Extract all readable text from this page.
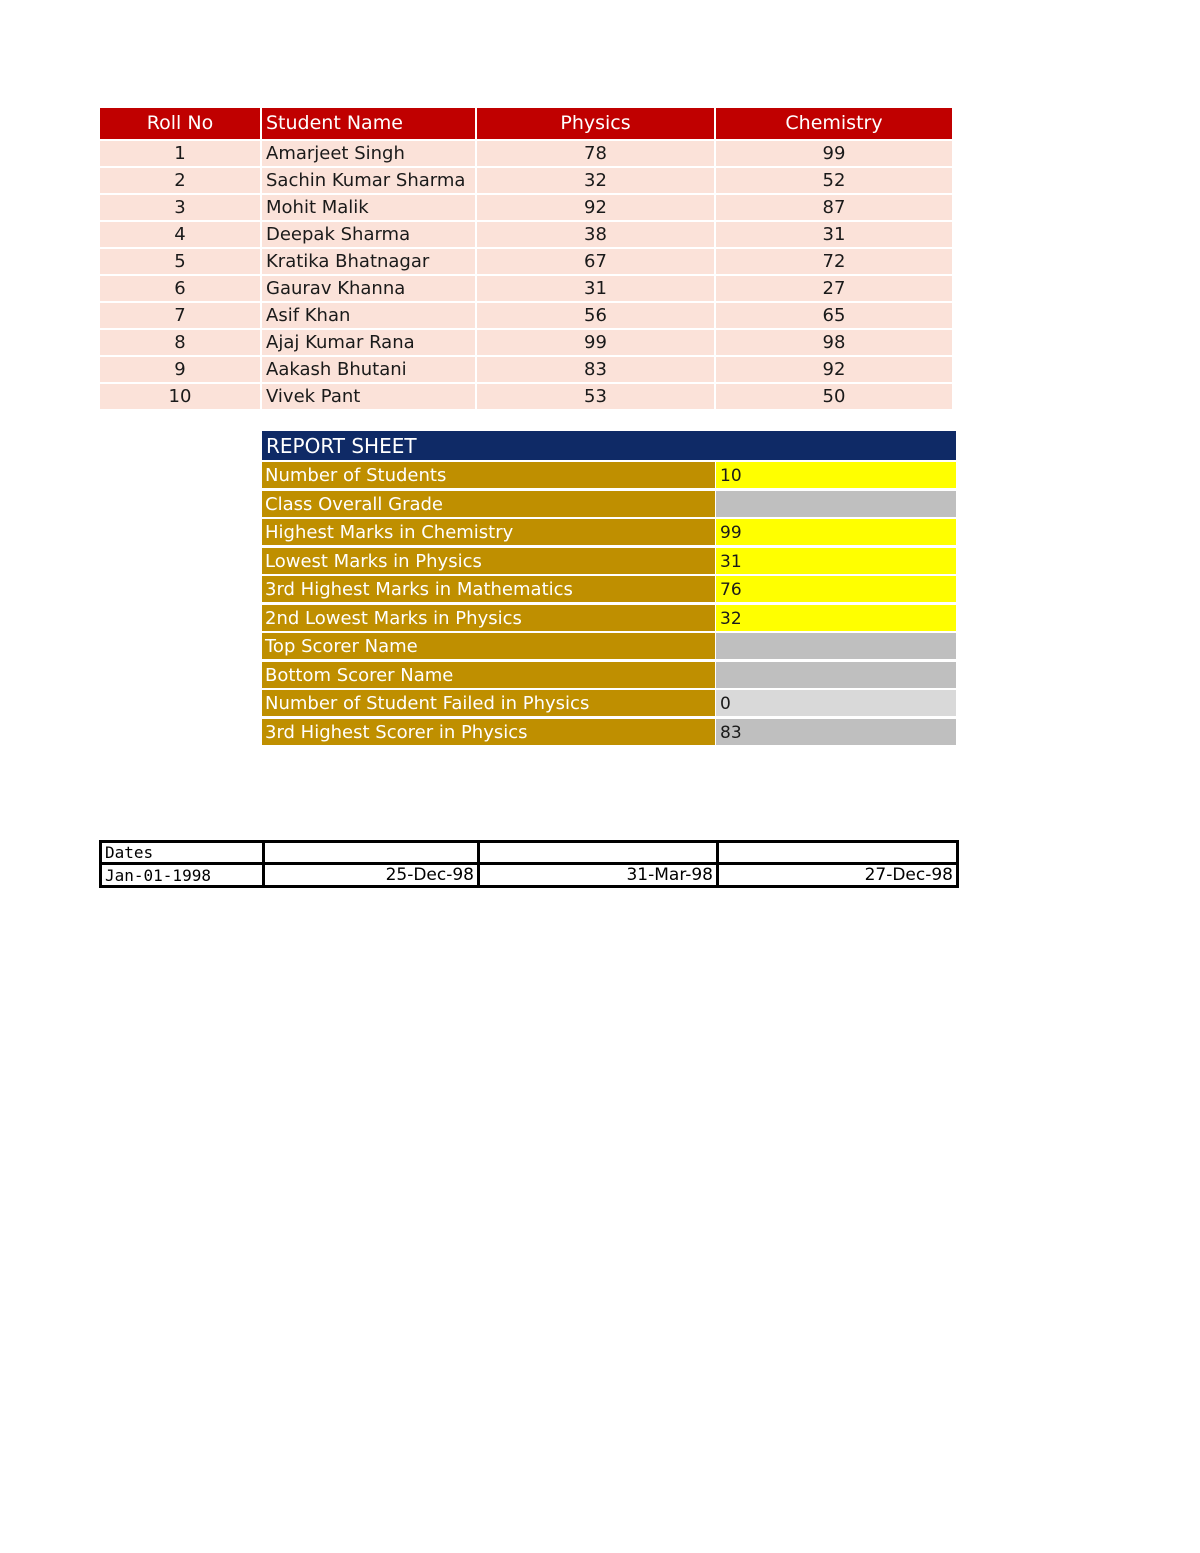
Roll No	Student Name	Physics	Chemistry
1	Amarjeet Singh	78	99
2	Sachin Kumar Sharma	32	52
3	Mohit Malik	92	87
4	Deepak Sharma	38	31
5	Kratika Bhatnagar	67	72
6	Gaurav Khanna	31	27
7	Asif Khan	56	65
8	Ajaj Kumar Rana	99	98
9	Aakash Bhutani	83	92
10	Vivek Pant	53	50
REPORT SHEET
Number of Students	10
Class Overall Grade
Highest Marks in Chemistry	99
Lowest Marks in Physics	31
3rd Highest Marks in Mathematics	76
2nd Lowest Marks in Physics	32
Top Scorer Name
Bottom Scorer Name
Number of Student Failed in Physics	0
3rd Highest Scorer in Physics	83
Dates			
Jan-01-1998	25-Dec-98	31-Mar-98	27-Dec-98
